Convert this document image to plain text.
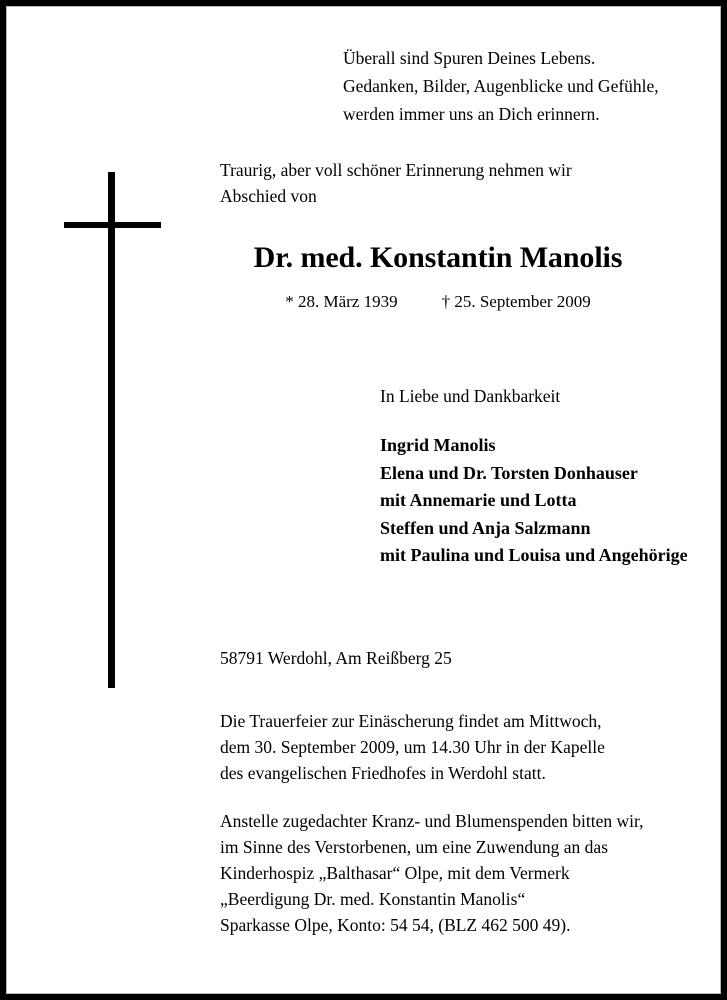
Überall sind Spuren Deines Lebens.
Gedanken, Bilder, Augenblicke und Gefühle,
werden immer uns an Dich erinnern.
Traurig, aber voll schöner Erinnerung nehmen wir
Abschied von
Dr. med. Konstantin Manolis
* 28. März 1939	† 25. September 2009
In Liebe und Dankbarkeit
Ingrid Manolis Elena und Dr. Torsten Donhauser mit Annemarie und Lotta Steffen und Anja Salzmann mit Paulina und Louisa und Angehörige
58791 Werdohl, Am Reißberg 25
Die Trauerfeier zur Einäscherung findet am Mittwoch,
dem 30. September 2009, um 14.30 Uhr in der Kapelle
des evangelischen Friedhofes in Werdohl statt.
Anstelle zugedachter Kranz- und Blumenspenden bitten wir,
im Sinne des Verstorbenen, um eine Zuwendung an das
Kinderhospiz „Balthasar“ Olpe, mit dem Vermerk
„Beerdigung Dr. med. Konstantin Manolis“
Sparkasse Olpe, Konto: 54 54, (BLZ 462 500 49).
